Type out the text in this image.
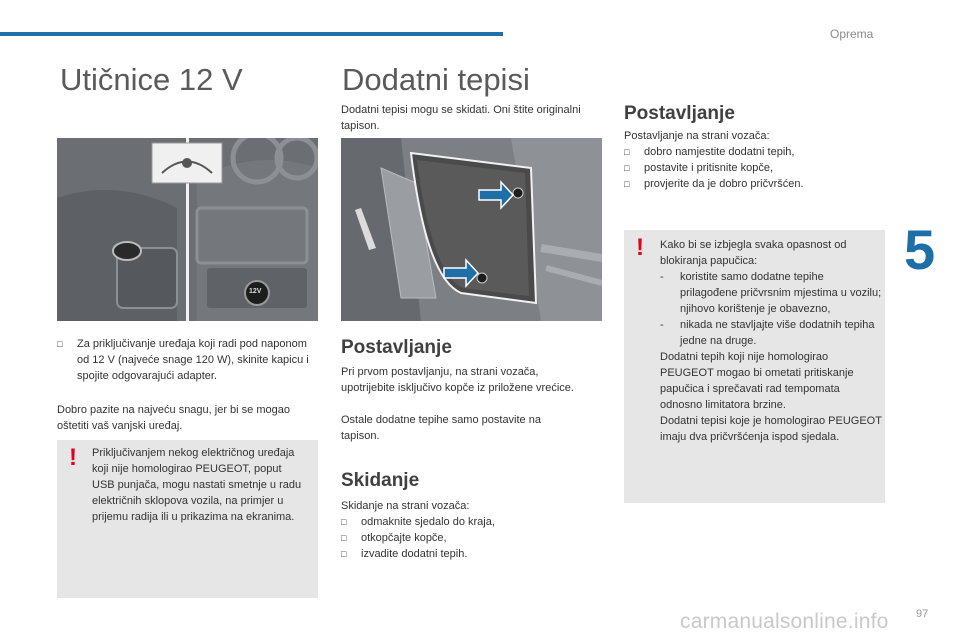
Oprema
5
Utičnice 12 V
12V
□	Za priključivanje uređaja koji radi pod naponom od 12 V (najveće snage 120 W), skinite kapicu i spojite odgovarajući adapter.
Dobro pazite na najveću snagu, jer bi se mogao oštetiti vaš vanjski uređaj.
! Priključivanjem nekog električnog uređaja koji nije homologirao PEUGEOT, poput USB punjača, mogu nastati smetnje u radu električnih sklopova vozila, na primjer u prijemu radija ili u prikazima na ekranima.
Dodatni tepisi
Dodatni tepisi mogu se skidati. Oni štite originalni tapison.
Postavljanje
Pri prvom postavljanju, na strani vozača, upotrijebite isključivo kopče iz priložene vrećice.
Ostale dodatne tepihe samo postavite na tapison.
Skidanje
Skidanje na strani vozača:
□	odmaknite sjedalo do kraja,
□	otkopčajte kopče,
□	izvadite dodatni tepih.
Postavljanje
Postavljanje na strani vozača:
□	dobro namjestite dodatni tepih,
□	postavite i pritisnite kopče,
□	provjerite da je dobro pričvršćen.
! Kako bi se izbjegla svaka opasnost od blokiranja papučica:
-	koristite samo dodatne tepihe prilagođene pričvrsnim mjestima u vozilu; njihovo korištenje je obavezno,
-	nikada ne stavljajte više dodatnih tepiha jedne na druge.
Dodatni tepih koji nije homologirao PEUGEOT mogao bi ometati pritiskanje papučica i sprečavati rad tempomata odnosno limitatora brzine.
Dodatni tepisi koje je homologirao PEUGEOT imaju dva pričvršćenja ispod sjedala.
carmanualsonline.info	97
